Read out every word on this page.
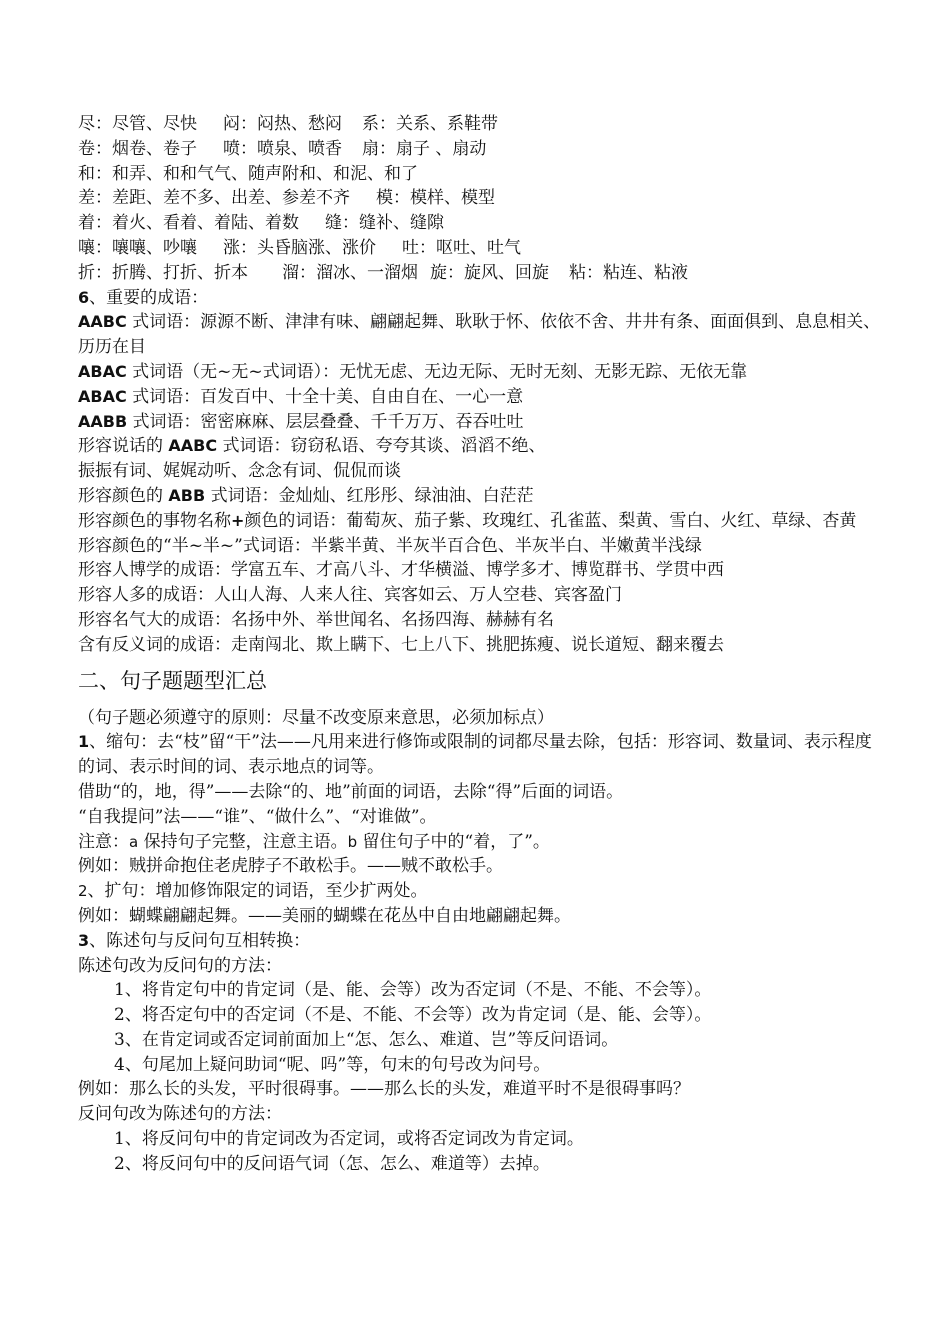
尽：尽管、尽快 闷：闷热、愁闷 系：关系、系鞋带
卷：烟卷、卷子 喷：喷泉、喷香 扇：扇子 、扇动
和：和弄、和和气气、随声附和、和泥、和了
差：差距、差不多、出差、参差不齐 模：模样、模型
着：着火、看着、着陆、着数 缝：缝补、缝隙
嚷：嚷嚷、吵嚷 涨：头昏脑涨、涨价 吐：呕吐、吐气
折：折腾、打折、折本 溜：溜冰、一溜烟 旋：旋风、回旋 粘：粘连、粘液
6、重要的成语：
AABC 式词语：源源不断、津津有味、翩翩起舞、耿耿于怀、依依不舍、井井有条、面面俱到、息息相关、历历在目
ABAC 式词语（无~无~式词语）：无忧无虑、无边无际、无时无刻、无影无踪、无依无靠
ABAC 式词语：百发百中、十全十美、自由自在、一心一意
AABB 式词语：密密麻麻、层层叠叠、千千万万、吞吞吐吐
形容说话的 AABC 式词语：窃窃私语、夸夸其谈、滔滔不绝、
振振有词、娓娓动听、念念有词、侃侃而谈
形容颜色的 ABB 式词语：金灿灿、红彤彤、绿油油、白茫茫
形容颜色的事物名称+颜色的词语：葡萄灰、茄子紫、玫瑰红、孔雀蓝、梨黄、雪白、火红、草绿、杏黄
形容颜色的“半~半~”式词语：半紫半黄、半灰半百合色、半灰半白、半嫩黄半浅绿
形容人博学的成语：学富五车、才高八斗、才华横溢、博学多才、博览群书、学贯中西
形容人多的成语：人山人海、人来人往、宾客如云、万人空巷、宾客盈门
形容名气大的成语：名扬中外、举世闻名、名扬四海、赫赫有名
含有反义词的成语：走南闯北、欺上瞒下、七上八下、挑肥拣瘦、说长道短、翻来覆去
二、句子题题型汇总
（句子题必须遵守的原则：尽量不改变原来意思，必须加标点）
1、缩句：去“枝”留“干”法——凡用来进行修饰或限制的词都尽量去除，包括：形容词、数量词、表示程度的词、表示时间的词、表示地点的词等。
借助“的，地，得”——去除“的、地”前面的词语，去除“得”后面的词语。
“自我提问”法——“谁”、“做什么”、“对谁做”。
注意：a 保持句子完整，注意主语。b 留住句子中的“着，了”。
例如：贼拼命抱住老虎脖子不敢松手。——贼不敢松手。
2、扩句：增加修饰限定的词语，至少扩两处。
例如：蝴蝶翩翩起舞。——美丽的蝴蝶在花丛中自由地翩翩起舞。
3、陈述句与反问句互相转换：
陈述句改为反问句的方法：
1、将肯定句中的肯定词（是、能、会等）改为否定词（不是、不能、不会等）。
2、将否定句中的否定词（不是、不能、不会等）改为肯定词（是、能、会等）。
3、在肯定词或否定词前面加上“怎、怎么、难道、岂”等反问语词。
4、句尾加上疑问助词“呢、吗”等，句末的句号改为问号。
例如：那么长的头发，平时很碍事。——那么长的头发，难道平时不是很碍事吗？
反问句改为陈述句的方法：
1、将反问句中的肯定词改为否定词，或将否定词改为肯定词。
2、将反问句中的反问语气词（怎、怎么、难道等）去掉。
